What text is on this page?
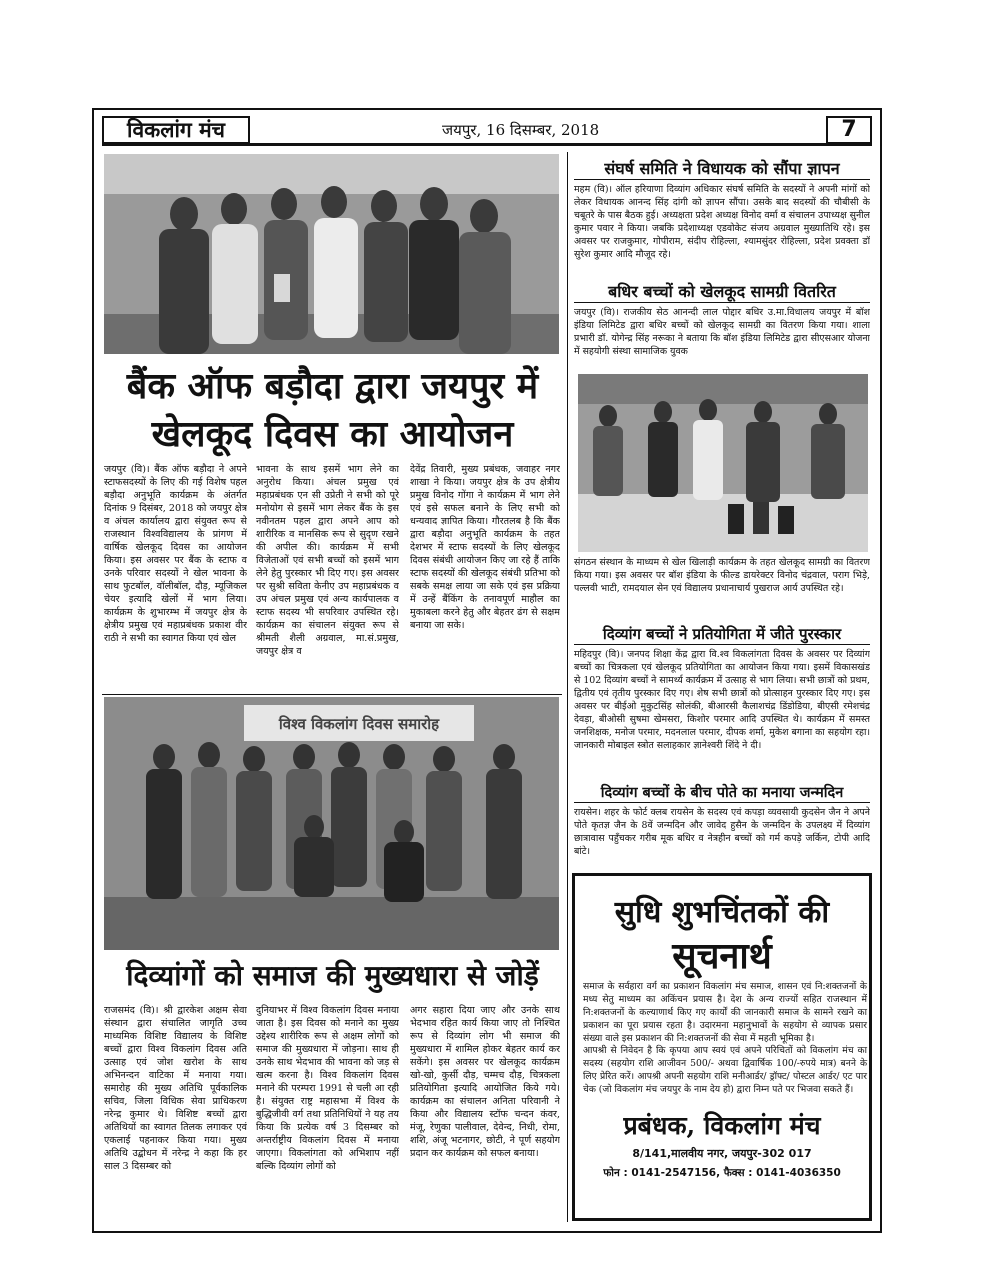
विकलांग मंच	जयपुर, 16 दिसम्बर, 2018	7
बैंक ऑफ बड़ौदा द्वारा जयपुर में
खेलकूद दिवस का आयोजन
जयपुर (वि)। बैंक ऑफ बड़ौदा ने अपने स्टाफसदस्यों के लिए की गई विशेष पहल बड़ौदा अनुभूति कार्यक्रम के अंतर्गत दिनांक 9 दिसंबर, 2018 को जयपुर क्षेत्र व अंचल कार्यालय द्वारा संयुक्त रूप से राजस्थान विश्वविद्यालय के प्रांगण में वार्षिक खेलकूद दिवस का आयोजन किया। इस अवसर पर बैंक के स्टाफ व उनके परिवार सदस्यों ने खेल भावना के साथ फुटबॉल, वॉलीबॉल, दौड़, म्यूजिकल चेयर इत्यादि खेलों में भाग लिया। कार्यक्रम के शुभारम्भ में जयपुर क्षेत्र के क्षेत्रीय प्रमुख एवं महाप्रबंधक प्रकाश वीर राठी ने सभी का स्वागत किया एवं खेल
भावना के साथ इसमें भाग लेने का अनुरोध किया। अंचल प्रमुख एवं महाप्रबंधक एन सी उप्रेती ने सभी को पूरे मनोयोग से इसमें भाग लेकर बैंक के इस नवीनतम पहल द्वारा अपने आप को शारीरिक व मानसिक रूप से सुदृण रखने की अपील की। कार्यक्रम में सभी विजेताओं एवं सभी बच्चों को इसमें भाग लेने हेतु पुरस्कार भी दिए गए। इस अवसर पर सुश्री सविता केनीए उप महाप्रबंधक व उप अंचल प्रमुख एवं अन्य कार्यपालक व स्टाफ सदस्य भी सपरिवार उपस्थित रहे। कार्यक्रम का संचालन संयुक्त रूप से श्रीमती शैली अग्रवाल, मा.सं.प्रमुख, जयपुर क्षेत्र व
देवेंद्र तिवारी, मुख्य प्रबंधक, जवाहर नगर शाखा ने किया। जयपुर क्षेत्र के उप क्षेत्रीय प्रमुख विनोद गोंगा ने कार्यक्रम में भाग लेने एवं इसे सफल बनाने के लिए सभी को धन्यवाद ज्ञापित किया। गौरतलब है कि बैंक द्वारा बड़ौदा अनुभूति कार्यक्रम के तहत देशभर में स्टाफ सदस्यों के लिए खेलकूद दिवस संबंधी आयोजन किए जा रहे हैं ताकि स्टाफ सदस्यों की खेलकूद संबंधी प्रतिभा को सबके समक्ष लाया जा सके एवं इस प्रक्रिया में उन्हें बैंकिंग के तनावपूर्ण माहौल का मुकाबला करने हेतु और बेहतर ढंग से सक्षम बनाया जा सके।
विश्व विकलांग दिवस समारोह
दिव्यांगों को समाज की मुख्यधारा से जोड़ें
राजसमंद (वि)। श्री द्वारकेश अक्षम सेवा संस्थान द्वारा संचालित जागृति उच्च माध्यमिक विशिष्ट विद्यालय के विशिष्ट बच्चों द्वारा विश्व विकलांग दिवस अति उत्साह एवं जोश खरोश के साथ अभिनन्दन वाटिका में मनाया गया। समारोह की मुख्य अतिथि पूर्वकालिक सचिव, जिला विधिक सेवा प्राधिकरण नरेन्द्र कुमार थे। विशिष्ट बच्चों द्वारा अतिथियों का स्वागत तिलक लगाकर एवं एकलाई पहनाकर किया गया। मुख्य अतिथि उद्बोधन में नरेन्द्र ने कहा कि हर साल 3 दिसम्बर को
दुनियाभर में विश्व विकलांग दिवस मनाया जाता है। इस दिवस को मनाने का मुख्य उद्देश्य शारीरिक रूप से अक्षम लोगों को समाज की मुख्यधारा में जोड़ना। साथ ही उनके साथ भेदभाव की भावना को जड़ से खत्म करना है। विश्व विकलांग दिवस मनाने की परम्परा 1991 से चली आ रही है। संयुक्त राष्ट्र महासभा में विश्व के बुद्धिजीवी वर्ग तथा प्रतिनिधियों ने यह तय किया कि प्रत्येक वर्ष 3 दिसम्बर को अन्तर्राष्ट्रीय विकलांग दिवस में मनाया जाएगा। विकलांगता को अभिशाप नहीं बल्कि दिव्यांग लोगों को
अगर सहारा दिया जाए और उनके साथ भेदभाव रहित कार्य किया जाए तो निश्चित रूप से दिव्यांग लोग भी समाज की मुख्यधारा में शामिल होकर बेहतर कार्य कर सकेंगे। इस अवसर पर खेलकूद कार्यक्रम खो-खो, कुर्सी दौड़, चम्मच दौड़, चित्रकला प्रतियोगिता इत्यादि आयोजित किये गये। कार्यक्रम का संचालन अनिता परिवानी ने किया और विद्यालय स्टॉफ चन्दन कंवर, मंजू, रेणुका पालीवाल, देवेन्द, निधी, रोमा, शशि, अंजू भटनागर, छोटी, ने पूर्ण सहयोग प्रदान कर कार्यक्रम को सफल बनाया।
संघर्ष समिति ने विधायक को सौंपा ज्ञापन
महम (वि)। ऑल हरियाणा दिव्यांग अधिकार संघर्ष समिति के सदस्यों ने अपनी मांगों को लेकर विधायक आनन्द सिंह दांगी को ज्ञापन सौंपा। उसके बाद सदस्यों की चौबीसी के चबूतरे के पास बैठक हुई। अध्यक्षता प्रदेश अध्यक्ष विनोद वर्मा व संचालन उपाध्यक्ष सुनील कुमार पवार ने किया। जबकि प्रदेशाध्यक्ष एडवोकेट संजय अग्रवाल मुख्यातिथि रहे। इस अवसर पर राजकुमार, गोपीराम, संदीप रोहिल्ला, श्यामसुंदर रोहिल्ला, प्रदेश प्रवक्ता डॉ सुरेश कुमार आदि मौजूद रहे।
बधिर बच्चों को खेलकूद सामग्री वितरित
जयपुर (वि)। राजकीय सेठ आनन्दी लाल पोद्दार बधिर उ.मा.विधालय जयपुर में बॉश इंडिया लिमिटेड द्वारा बधिर बच्चों को खेलकूद सामग्री का वितरण किया गया। शाला प्रभारी डॉ. योगेन्द्र सिंह नरूका ने बताया कि बॉश इंडिया लिमिटेड द्वारा सीएसआर योजना में सहयोगी संस्था सामाजिक युवक
संगठन संस्थान के माध्यम से खेल खिलाड़ी कार्यक्रम के तहत खेलकूद सामग्री का वितरण किया गया। इस अवसर पर बॉश इंडिया के फील्ड डायरेक्टर विनोद चंद्रवाल, पराग भिड़े, पल्लवी भाटी, रामदयाल सेन एवं विद्यालय प्रधानाचार्य पुखराज आर्य उपस्थित रहे।
दिव्यांग बच्चों ने प्रतियोगिता में जीते पुरस्कार
महिदपुर (वि)। जनपद शिक्षा केंद्र द्वारा वि.श्व विकलांगता दिवस के अवसर पर दिव्यांग बच्चों का चित्रकला एवं खेलकूद प्रतियोगिता का आयोजन किया गया। इसमें विकासखंड से 102 दिव्यांग बच्चों ने सामर्थ्य कार्यक्रम में उत्साह से भाग लिया। सभी छात्रों को प्रथम, द्वितीय एवं तृतीय पुरस्कार दिए गए। शेष सभी छात्रों को प्रोत्साहन पुरस्कार दिए गए। इस अवसर पर बीईओ मुकुटसिंह सोलंकी, बीआरसी कैलाशचंद्र डिंडोडिया, बीएसी रमेशचंद्र देवड़ा, बीओसी सुषमा खेमसरा, किशोर परमार आदि उपस्थित थे। कार्यक्रम में समस्त जनशिक्षक, मनोज परमार, मदनलाल परमार, दीपक शर्मा, मुकेश बगाना का सहयोग रहा। जानकारी मोबाइल स्त्रोत सलाहकार ज्ञानेश्वरी शिंदे ने दी।
दिव्यांग बच्चों के बीच पोते का मनाया जन्मदिन
रायसेन। शहर के फोर्ट क्लब रायसेन के सदस्य एवं कपड़ा व्यवसायी कुदसेन जैन ने अपने पोते कृतज्ञ जैन के 8वें जन्मदिन और जावेद हुसैन के जन्मदिन के उपलक्ष्य में दिव्यांग छात्रावास पहुँचकर गरीब मूक बधिर व नेत्रहीन बच्चों को गर्म कपड़े जर्किन, टोपी आदि बांटे।
सुधि शुभचिंतकों की
सूचनार्थ
समाज के सर्वहारा वर्ग का प्रकाशन विकलांग मंच समाज, शासन एवं नि:शक्तजनों के मध्य सेतु माध्यम का अकिंचन प्रयास है। देश के अन्य राज्यों सहित राजस्थान में नि:शक्तजनों के कल्याणार्थ किए गए कार्यों की जानकारी समाज के सामने रखने का प्रकाशन का पूरा प्रयास रहता है। उदारमना महानुभावों के सहयोग से व्यापक प्रसार संख्या वाले इस प्रकाशन की नि:शक्तजनों की सेवा में महती भूमिका है।
आपश्री से निवेदन है कि कृपया आप स्वयं एवं अपने परिचितों को विकलांग मंच का सदस्य (सहयोग राशि आजीवन 500/- अथवा द्विवार्षिक 100/-रुपये मात्र) बनने के लिए प्रेरित करें। आपश्री अपनी सहयोग राशि मनीआर्डर/ ड्रॉफ्ट/ पोस्टल आर्डर/ एट पार चेक (जो विकलांग मंच जयपुर के नाम देय हो) द्वारा निम्न पते पर भिजवा सकते हैं।
प्रबंधक, विकलांग मंच
8/141,मालवीय नगर, जयपुर-302 017
फोन : 0141-2547156, फैक्स : 0141-4036350
